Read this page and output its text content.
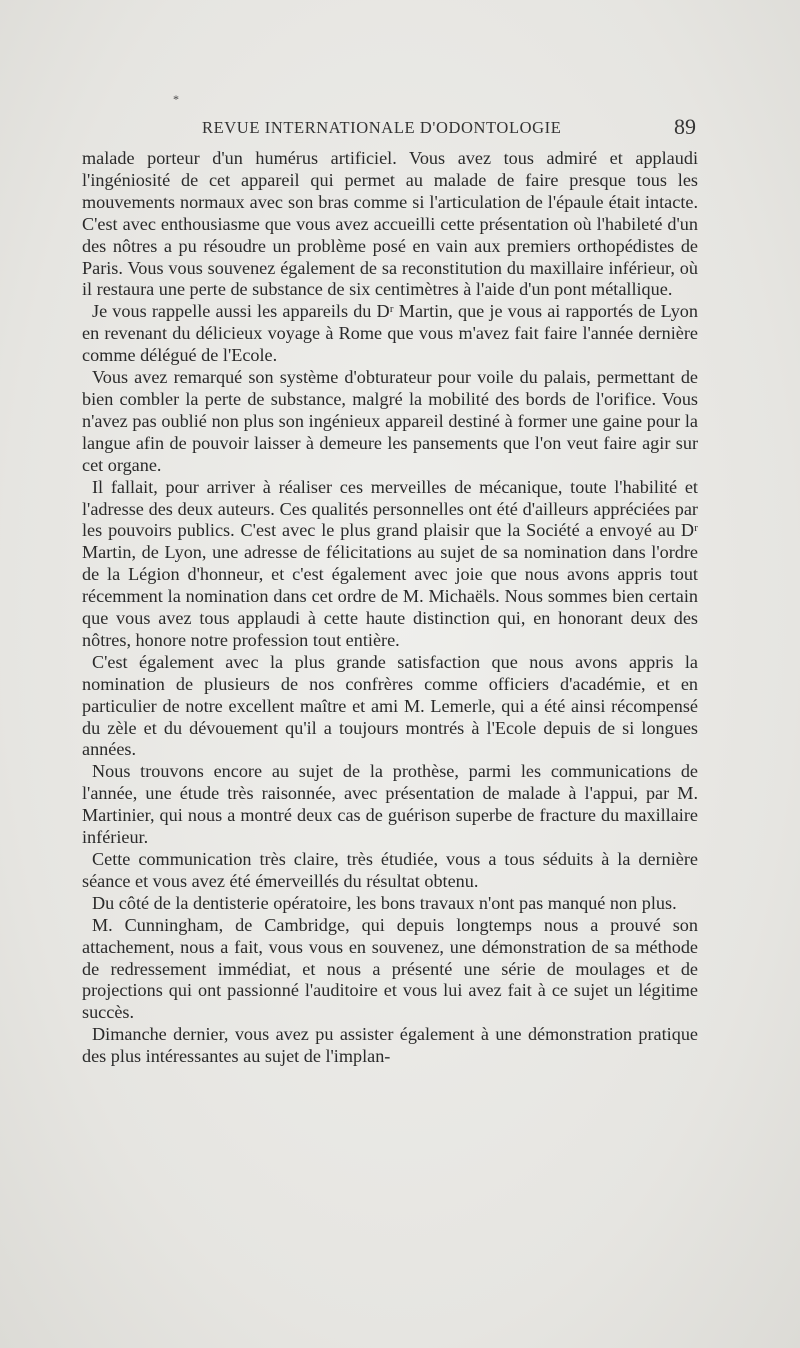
*
REVUE INTERNATIONALE D'ODONTOLOGIE	89

malade porteur d'un humérus artificiel. Vous avez tous admiré et applaudi l'ingéniosité de cet appareil qui permet au malade de faire presque tous les mouvements normaux avec son bras comme si l'articulation de l'épaule était intacte. C'est avec enthousiasme que vous avez accueilli cette présentation où l'habileté d'un des nôtres a pu résoudre un problème posé en vain aux premiers orthopédistes de Paris. Vous vous souvenez également de sa reconstitution du maxillaire inférieur, où il restaura une perte de substance de six centimètres à l'aide d'un pont métallique.

Je vous rappelle aussi les appareils du Dʳ Martin, que je vous ai rapportés de Lyon en revenant du délicieux voyage à Rome que vous m'avez fait faire l'année dernière comme délégué de l'Ecole.

Vous avez remarqué son système d'obturateur pour voile du palais, permettant de bien combler la perte de substance, malgré la mobilité des bords de l'orifice. Vous n'avez pas oublié non plus son ingénieux appareil destiné à former une gaine pour la langue afin de pouvoir laisser à demeure les pansements que l'on veut faire agir sur cet organe.

Il fallait, pour arriver à réaliser ces merveilles de mécanique, toute l'habilité et l'adresse des deux auteurs. Ces qualités personnelles ont été d'ailleurs appréciées par les pouvoirs publics. C'est avec le plus grand plaisir que la Société a envoyé au Dʳ Martin, de Lyon, une adresse de félicitations au sujet de sa nomination dans l'ordre de la Légion d'honneur, et c'est également avec joie que nous avons appris tout récemment la nomination dans cet ordre de M. Michaëls. Nous sommes bien certain que vous avez tous applaudi à cette haute distinction qui, en honorant deux des nôtres, honore notre profession tout entière.

C'est également avec la plus grande satisfaction que nous avons appris la nomination de plusieurs de nos confrères comme officiers d'académie, et en particulier de notre excellent maître et ami M. Lemerle, qui a été ainsi récompensé du zèle et du dévouement qu'il a toujours montrés à l'Ecole depuis de si longues années.

Nous trouvons encore au sujet de la prothèse, parmi les communications de l'année, une étude très raisonnée, avec présentation de malade à l'appui, par M. Martinier, qui nous a montré deux cas de guérison superbe de fracture du maxillaire inférieur.

Cette communication très claire, très étudiée, vous a tous séduits à la dernière séance et vous avez été émerveillés du résultat obtenu.

Du côté de la dentisterie opératoire, les bons travaux n'ont pas manqué non plus.

M. Cunningham, de Cambridge, qui depuis longtemps nous a prouvé son attachement, nous a fait, vous vous en souvenez, une démonstration de sa méthode de redressement immédiat, et nous a présenté une série de moulages et de projections qui ont passionné l'auditoire et vous lui avez fait à ce sujet un légitime succès.

Dimanche dernier, vous avez pu assister également à une démonstration pratique des plus intéressantes au sujet de l'implan-
